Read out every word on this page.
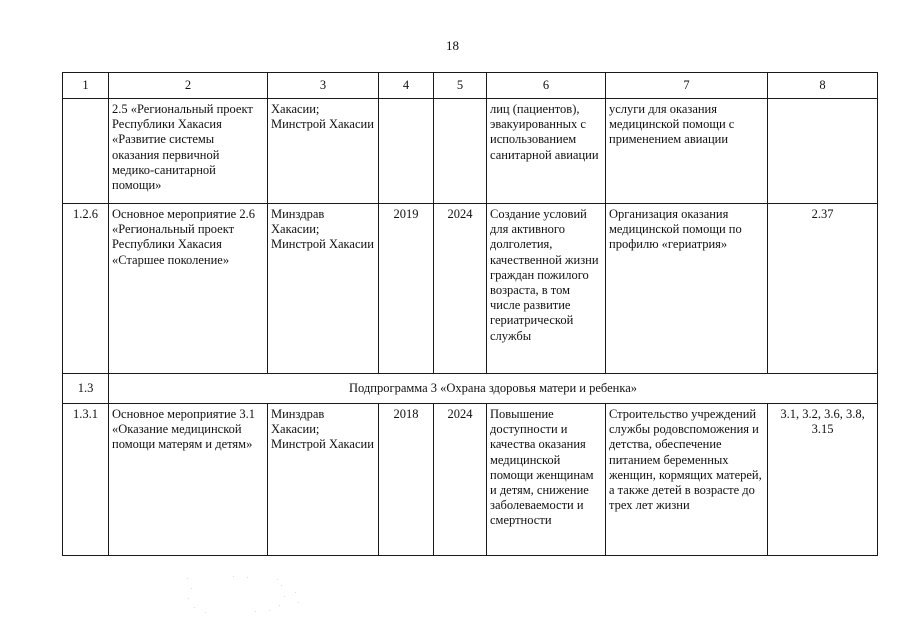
18
1	2	3	4	5	6	7	8
	2.5 «Региональный проект Республики Хакасия «Развитие системы оказания первичной медико-санитарной помощи»	Хакасии; Минстрой Хакасии			лиц (пациентов), эвакуированных с использованием санитарной авиации	услуги для оказания медицинской помощи с применением авиации	
1.2.6	Основное мероприятие 2.6 «Региональный проект Республики Хакасия «Старшее поколение»	Минздрав Хакасии; Минстрой Хакасии	2019	2024	Создание условий для активного долголетия, качественной жизни граждан пожилого возраста, в том числе развитие гериатрической службы	Организация оказания медицинской помощи по профилю «гериатрия»	2.37
1.3	Подпрограмма 3 «Охрана здоровья матери и ребенка»						
1.3.1	Основное мероприятие 3.1 «Оказание медицинской помощи матерям и детям»	Минздрав Хакасии; Минстрой Хакасии	2018	2024	Повышение доступности и качества оказания медицинской помощи женщинам и детям, снижение заболеваемости и смертности	Строительство учреждений службы родовспоможения и детства, обеспечение питанием беременных женщин, кормящих матерей, а также детей в возрасте до трех лет жизни	3.1, 3.2, 3.6, 3.8, 3.15
